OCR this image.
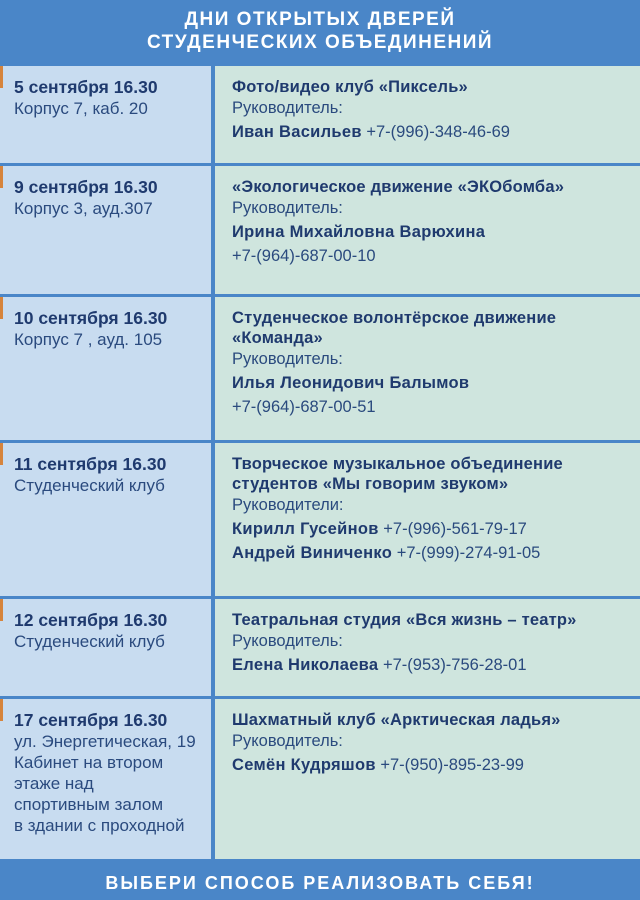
ДНИ ОТКРЫТЫХ ДВЕРЕЙ
СТУДЕНЧЕСКИХ ОБЪЕДИНЕНИЙ
5 сентября 16.30
Корпус 7, каб. 20
Фото/видео клуб «Пиксель»
Руководитель:
Иван Васильев +7-(996)-348-46-69
9 сентября 16.30
Корпус 3, ауд.307
«Экологическое движение «ЭКОбомба»
Руководитель:
Ирина Михайловна Варюхина
+7-(964)-687-00-10
10 сентября 16.30
Корпус 7 , ауд. 105
Студенческое волонтёрское движение «Команда»
Руководитель:
Илья Леонидович Балымов
+7-(964)-687-00-51
11 сентября 16.30
Студенческий клуб
Творческое музыкальное объединение студентов «Мы говорим звуком»
Руководители:
Кирилл Гусейнов +7-(996)-561-79-17
Андрей Виниченко +7-(999)-274-91-05
12 сентября 16.30
Студенческий клуб
Театральная студия «Вся жизнь – театр»
Руководитель:
Елена Николаева +7-(953)-756-28-01
17 сентября 16.30
ул. Энергетическая, 19
Кабинет на втором
этаже над
спортивным залом
в здании с проходной
Шахматный клуб «Арктическая ладья»
Руководитель:
Семён Кудряшов +7-(950)-895-23-99
ВЫБЕРИ СПОСОБ РЕАЛИЗОВАТЬ СЕБЯ!
